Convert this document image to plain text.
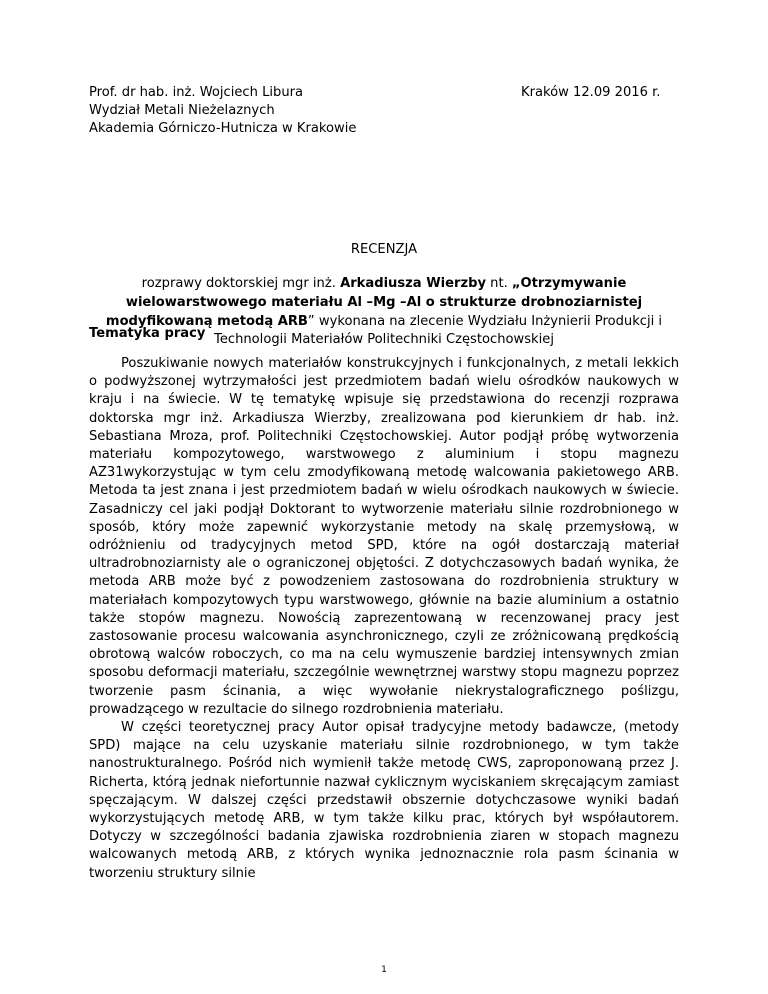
Prof. dr hab. inż. Wojciech Libura
Wydział Metali Nieżelaznych
Akademia Górniczo-Hutnicza w Krakowie
Kraków 12.09 2016 r.
RECENZJA
rozprawy doktorskiej mgr inż. Arkadiusza Wierzby nt. „Otrzymywanie wielowarstwowego materiału Al –Mg –Al o strukturze drobnoziarnistej modyfikowaną metodą ARB” wykonana na zlecenie Wydziału Inżynierii Produkcji i Technologii Materiałów Politechniki Częstochowskiej
Tematyka pracy

Poszukiwanie nowych materiałów konstrukcyjnych i funkcjonalnych, z metali lekkich o podwyższonej wytrzymałości jest przedmiotem badań wielu ośrodków naukowych w kraju i na świecie. W tę tematykę wpisuje się przedstawiona do recenzji rozprawa doktorska mgr inż. Arkadiusza Wierzby, zrealizowana pod kierunkiem dr hab. inż. Sebastiana Mroza, prof. Politechniki Częstochowskiej. Autor podjął próbę wytworzenia materiału kompozytowego, warstwowego z aluminium i stopu magnezu AZ31wykorzystując w tym celu zmodyfikowaną metodę walcowania pakietowego ARB. Metoda ta jest znana i jest przedmiotem badań w wielu ośrodkach naukowych w świecie. Zasadniczy cel jaki podjął Doktorant to wytworzenie materiału silnie rozdrobnionego w sposób, który może zapewnić wykorzystanie metody na skalę przemysłową, w odróżnieniu od tradycyjnych metod SPD, które na ogół dostarczają materiał ultradrobnoziarnisty ale o ograniczonej objętości. Z dotychczasowych badań wynika, że metoda ARB może być z powodzeniem zastosowana do rozdrobnienia struktury w materiałach kompozytowych typu warstwowego, głównie na bazie aluminium a ostatnio także stopów magnezu. Nowością zaprezentowaną w recenzowanej pracy jest zastosowanie procesu walcowania asynchronicznego, czyli ze zróżnicowaną prędkością obrotową walców roboczych, co ma na celu wymuszenie bardziej intensywnych zmian sposobu deformacji materiału, szczególnie wewnętrznej warstwy stopu magnezu poprzez tworzenie pasm ścinania, a więc wywołanie niekrystalograficznego poślizgu, prowadzącego w rezultacie do silnego rozdrobnienia materiału.

W części teoretycznej pracy Autor opisał tradycyjne metody badawcze, (metody SPD) mające na celu uzyskanie materiału silnie rozdrobnionego, w tym także nanostrukturalnego. Pośród nich wymienił także metodę CWS, zaproponowaną przez J. Richerta, którą jednak niefortunnie nazwał cyklicznym wyciskaniem skręcającym zamiast spęczającym. W dalszej części przedstawił obszernie dotychczasowe wyniki badań wykorzystujących metodę ARB, w tym także kilku prac, których był współautorem. Dotyczy w szczególności badania zjawiska rozdrobnienia ziaren w stopach magnezu walcowanych metodą ARB, z których wynika jednoznacznie rola pasm ścinania w tworzeniu struktury silnie

1
